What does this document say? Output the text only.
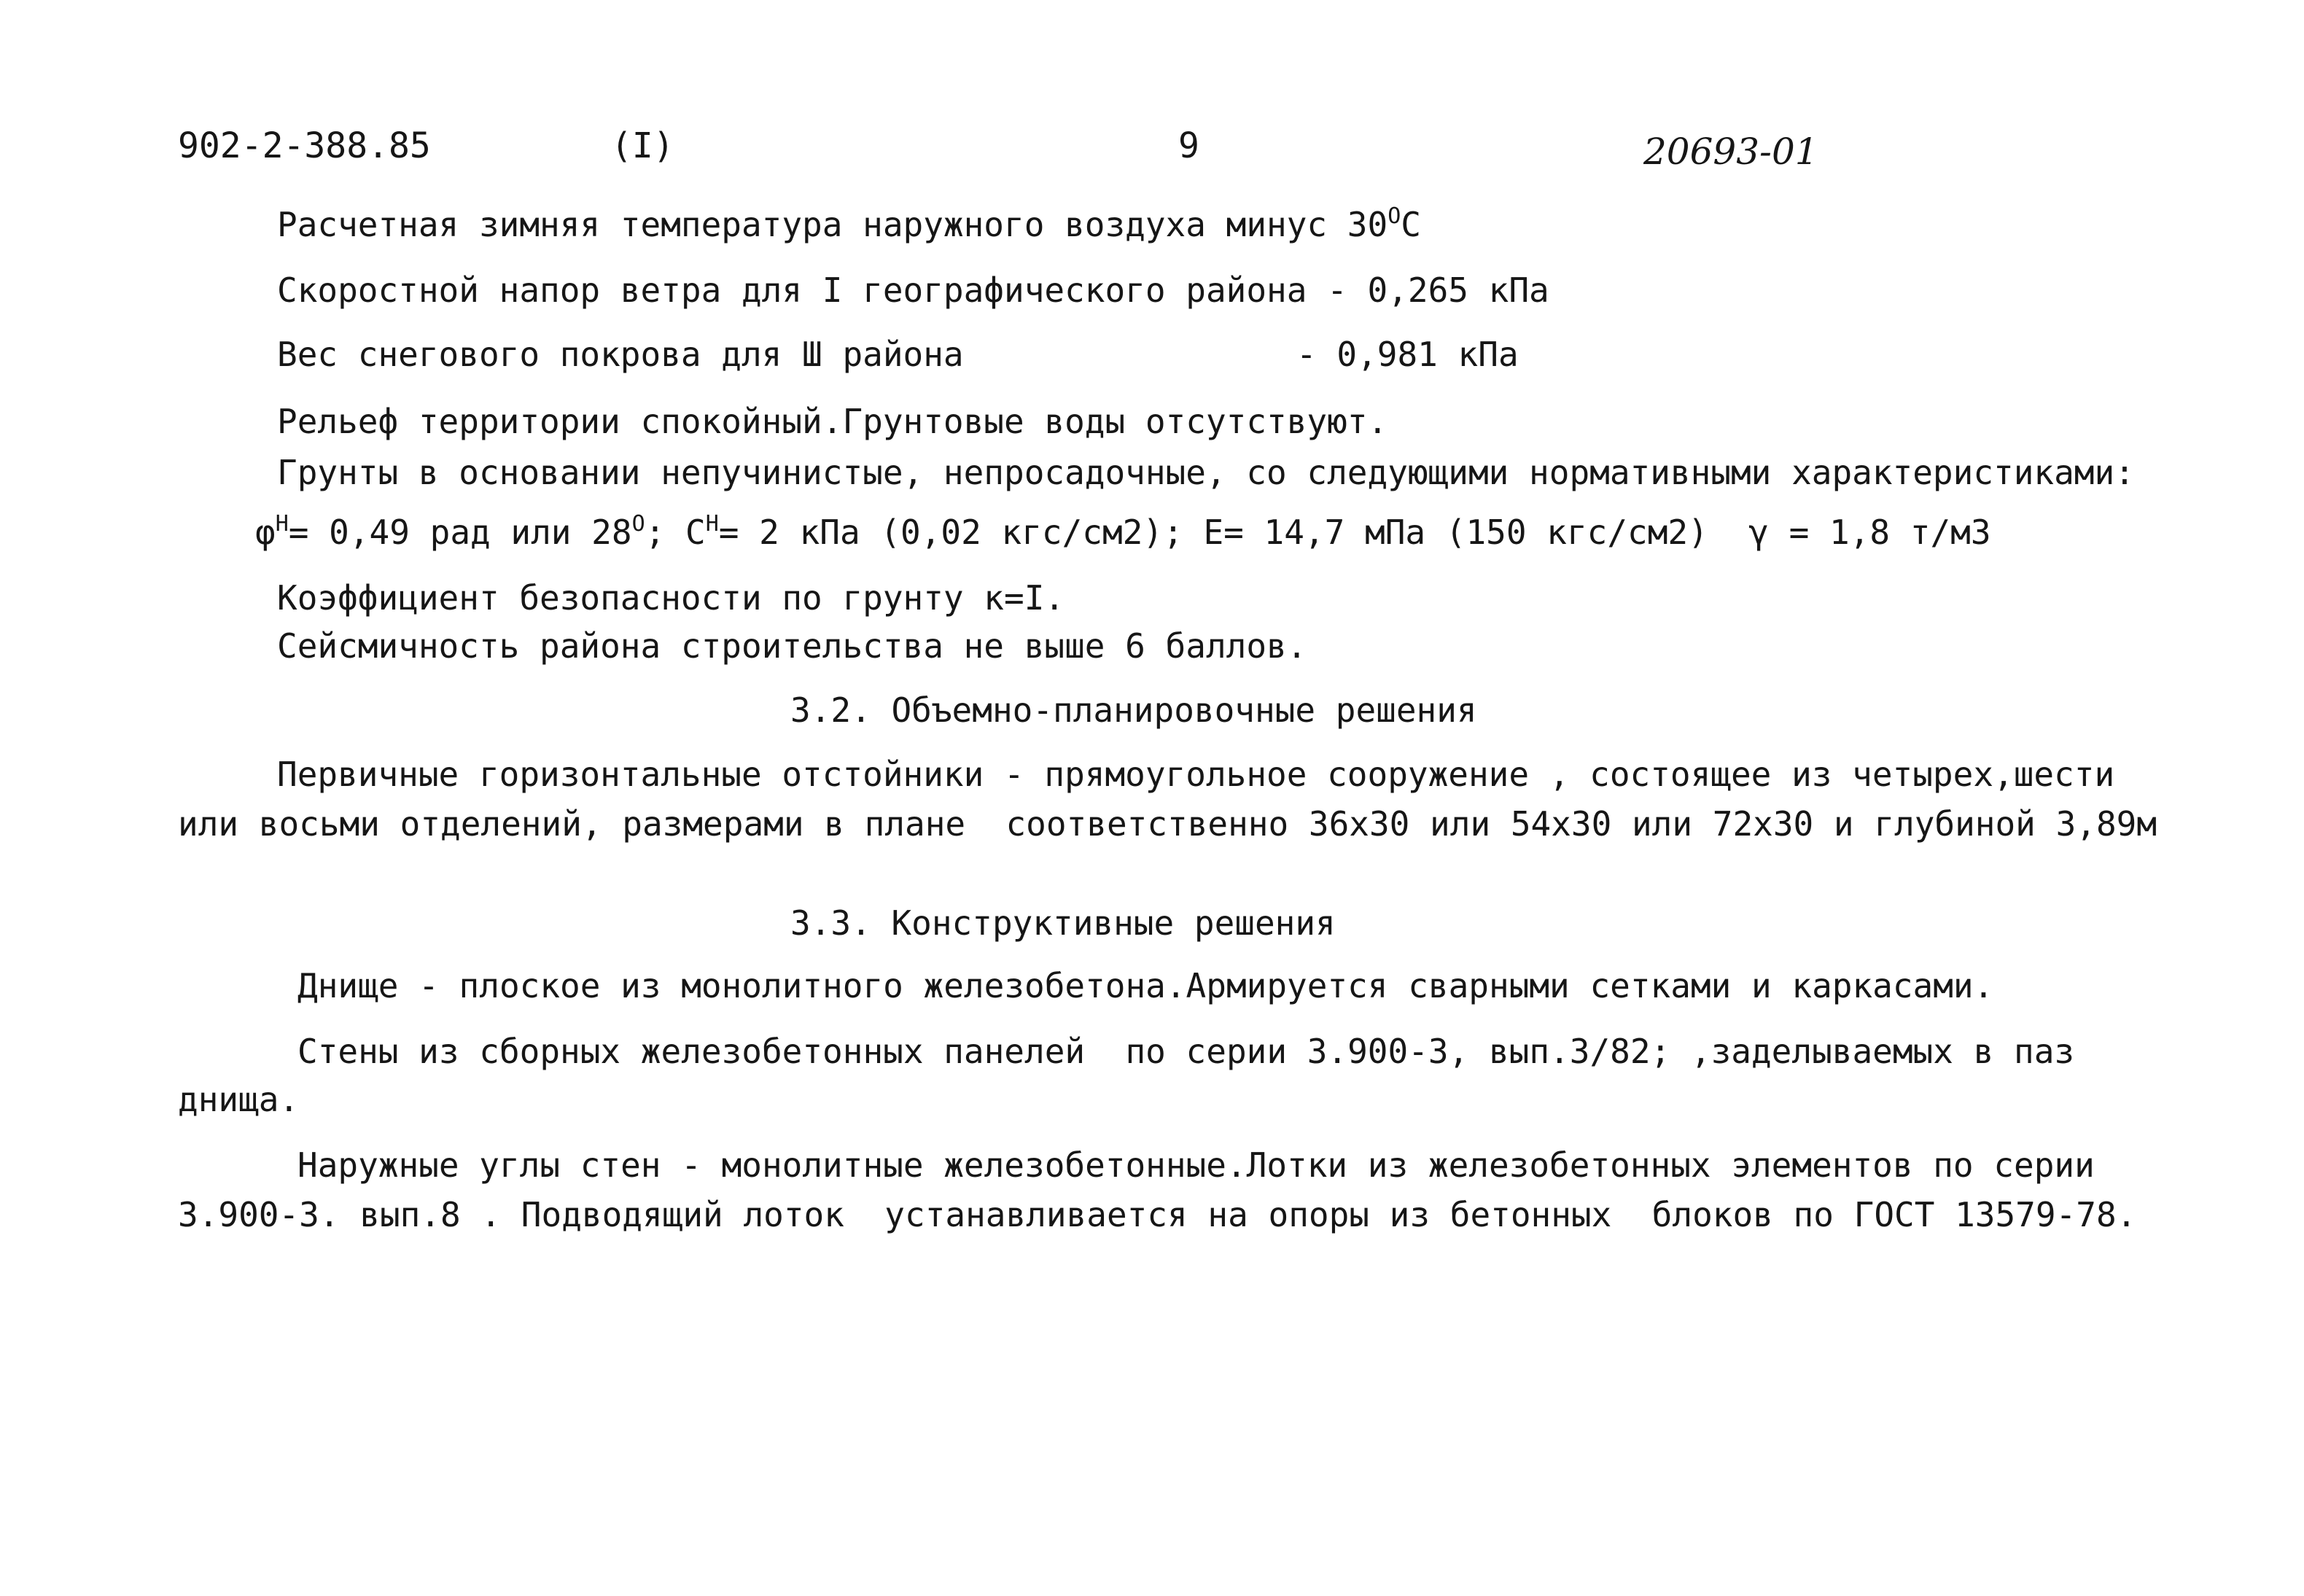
902-2-388.85	(I)	9	20693-01
Расчетная зимняя температура наружного воздуха минус $30^OC$
Скоростной напор ветра для I географического района - 0,265 кПа
Вес снегового покрова для Ш района	- 0,981 кПа
Рельеф территории спокойный.Грунтовые воды отсутствуют.
Грунты в основании непучинистые, непросадочные, со следующими нормативными характеристиками:
$\varphi^H= 0,49$ рад или $28^O$; $С^H= 2$ кПа (0,02 кгс/см2); Е= 14,7 мПа (150 кгс/см2)  γ = 1,8 т/м3
Коэффициент безопасности по грунту к=I.
Сейсмичность района строительства не выше 6 баллов.
3.2. Объемно-планировочные решения
Первичные горизонтальные отстойники - прямоугольное сооружение , состоящее из четырех,шести
или восьми отделений, размерами в плане  соответственно 36х30 или 54х30 или 72х30 и глубиной 3,89м
3.3. Конструктивные решения
Днище - плоское из монолитного железобетона.Армируется сварными сетками и каркасами.
Стены из сборных железобетонных панелей  по серии 3.900-3, вып.3/82; ,заделываемых в паз
днища.
Наружные углы стен - монолитные железобетонные.Лотки из железобетонных элементов по серии
3.900-3. вып.8 . Подводящий лоток  устанавливается на опоры из бетонных  блоков по ГОСТ 13579-78.
